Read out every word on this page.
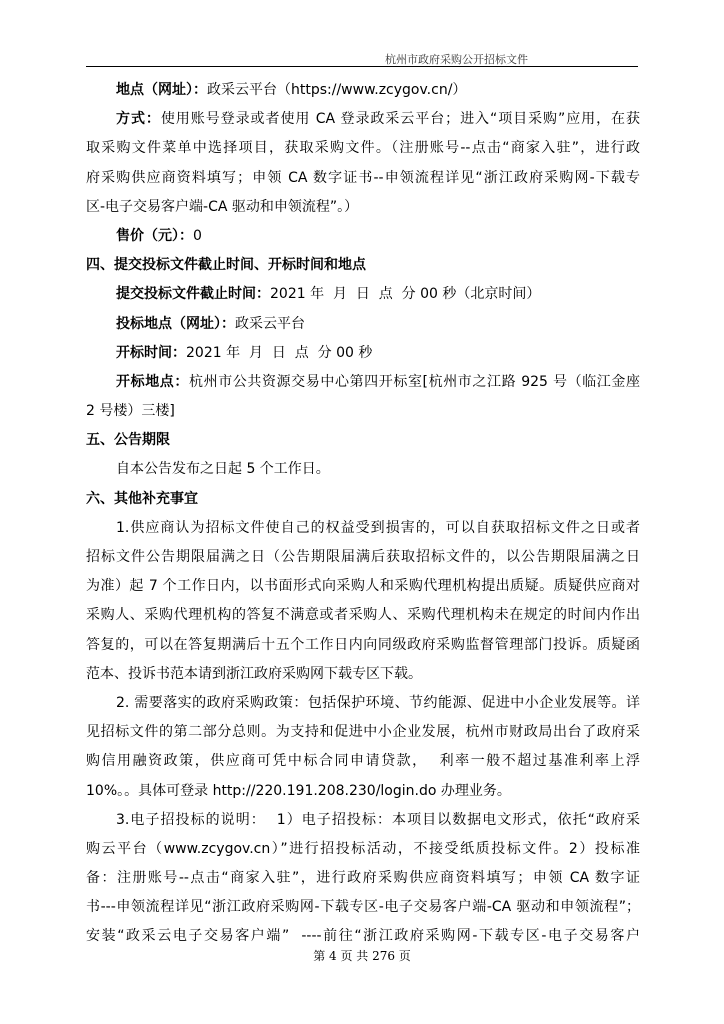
杭州市政府采购公开招标文件
地点（网址）：政采云平台（https://www.zcygov.cn/）
方式：使用账号登录或者使用 CA 登录政采云平台；进入“项目采购”应用，在获
取采购文件菜单中选择项目，获取采购文件。（注册账号--点击“商家入驻”，进行政
府采购供应商资料填写；申领 CA 数字证书--申领流程详见“浙江政府采购网-下载专
区-电子交易客户端-CA 驱动和申领流程”。）
售价（元）：0
四、提交投标文件截止时间、开标时间和地点
提交投标文件截止时间：2021 年  月  日  点  分 00 秒（北京时间）
投标地点（网址）：政采云平台
开标时间：2021 年  月  日  点  分 00 秒
开标地点：杭州市公共资源交易中心第四开标室[杭州市之江路 925 号（临江金座
2 号楼）三楼]
五、公告期限
自本公告发布之日起 5 个工作日。
六、其他补充事宜
1.供应商认为招标文件使自己的权益受到损害的，可以自获取招标文件之日或者
招标文件公告期限届满之日（公告期限届满后获取招标文件的，以公告期限届满之日
为准）起 7 个工作日内，以书面形式向采购人和采购代理机构提出质疑。质疑供应商对
采购人、采购代理机构的答复不满意或者采购人、采购代理机构未在规定的时间内作出
答复的，可以在答复期满后十五个工作日内向同级政府采购监督管理部门投诉。质疑函
范本、投诉书范本请到浙江政府采购网下载专区下载。
2. 需要落实的政府采购政策：包括保护环境、节约能源、促进中小企业发展等。详
见招标文件的第二部分总则。为支持和促进中小企业发展，杭州市财政局出台了政府采
购信用融资政策，供应商可凭中标合同申请贷款，  利率一般不超过基准利率上浮
10%。。具体可登录 http://220.191.208.230/login.do 办理业务。
3.电子招投标的说明：  1）电子招投标：本项目以数据电文形式，依托“政府采
购云平台（www.zcygov.cn）”进行招投标活动，不接受纸质投标文件。2）投标准
备：注册账号--点击“商家入驻”，进行政府采购供应商资料填写；申领 CA 数字证
书---申领流程详见“浙江政府采购网-下载专区-电子交易客户端-CA 驱动和申领流程”；
安装“政采云电子交易客户端”  ----前往“浙江政府采购网-下载专区-电子交易客户
第 4 页 共 276 页
